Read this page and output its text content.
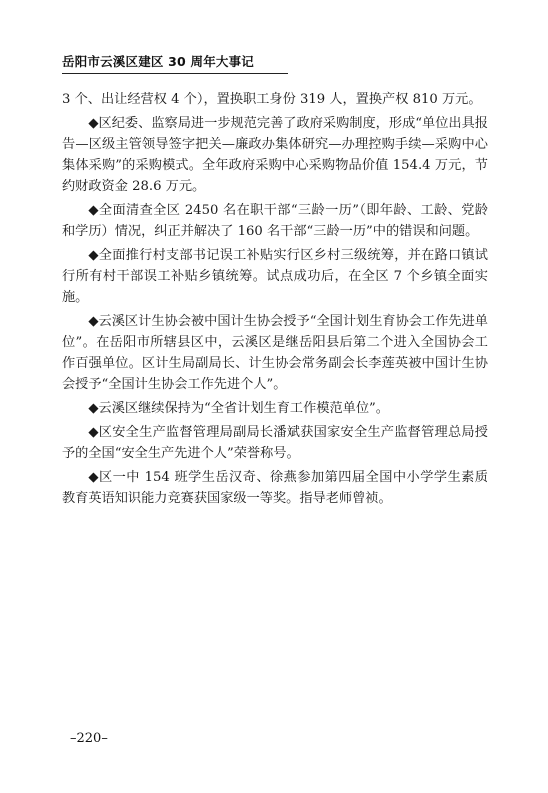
岳阳市云溪区建区 30 周年大事记

3 个、出让经营权 4 个），置换职工身份 319 人，置换产权 810 万元。

◆区纪委、监察局进一步规范完善了政府采购制度，形成“单位出具报告—区级主管领导签字把关—廉政办集体研究—办理控购手续—采购中心集体采购”的采购模式。全年政府采购中心采购物品价值 154.4 万元，节约财政资金 28.6 万元。

◆全面清查全区 2450 名在职干部“三龄一历”（即年龄、工龄、党龄和学历）情况，纠正并解决了 160 名干部“三龄一历”中的错误和问题。

◆全面推行村支部书记误工补贴实行区乡村三级统筹，并在路口镇试行所有村干部误工补贴乡镇统筹。试点成功后，在全区 7 个乡镇全面实施。

◆云溪区计生协会被中国计生协会授予“全国计划生育协会工作先进单位”。在岳阳市所辖县区中，云溪区是继岳阳县后第二个进入全国协会工作百强单位。区计生局副局长、计生协会常务副会长李莲英被中国计生协会授予“全国计生协会工作先进个人”。

◆云溪区继续保持为“全省计划生育工作模范单位”。

◆区安全生产监督管理局副局长潘斌获国家安全生产监督管理总局授予的全国“安全生产先进个人”荣誉称号。

◆区一中 154 班学生岳汉奇、徐燕参加第四届全国中小学学生素质教育英语知识能力竞赛获国家级一等奖。指导老师曾祯。

–220–
